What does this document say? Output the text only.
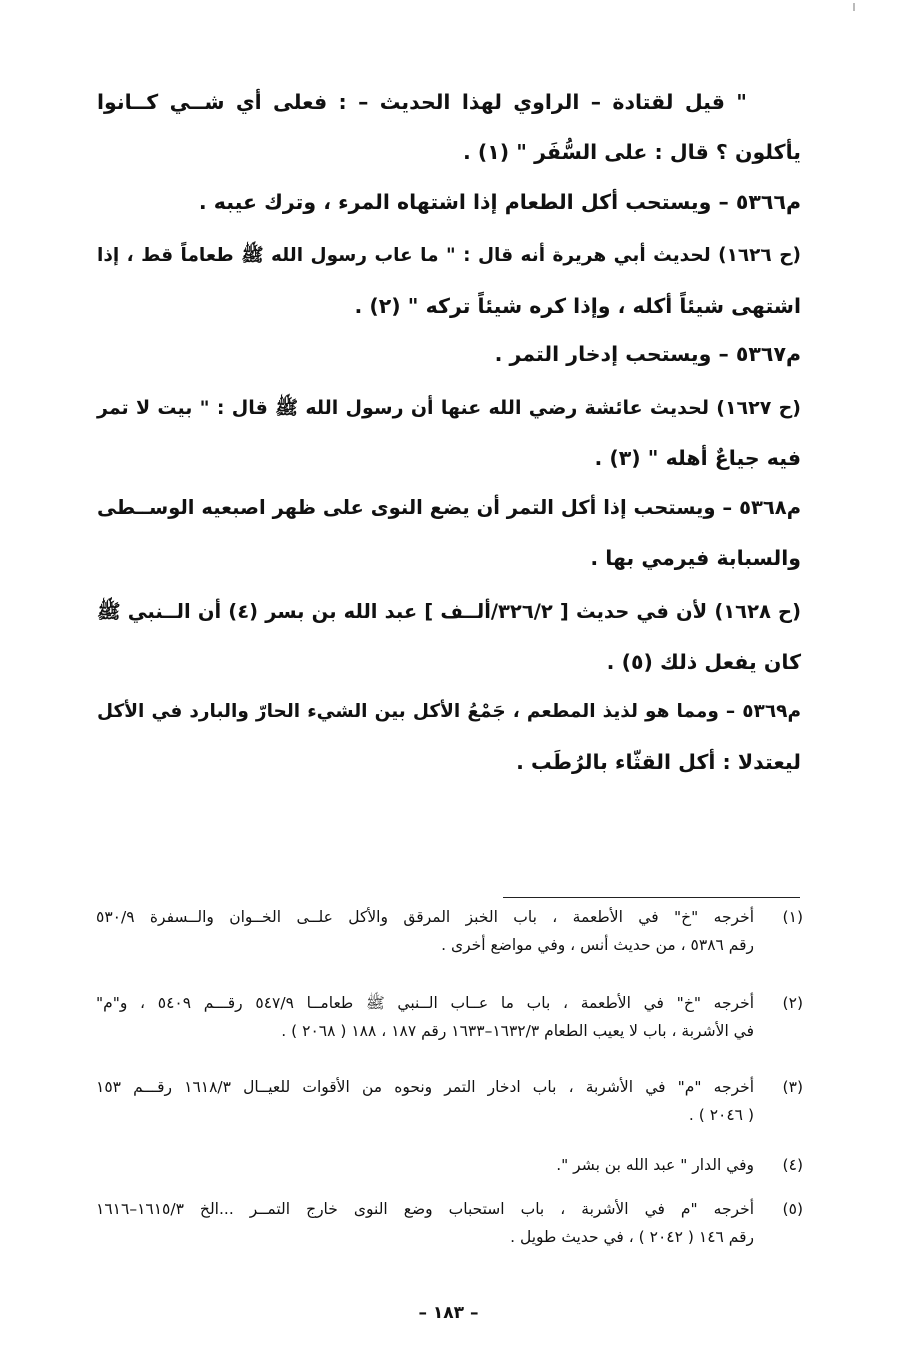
" قيل لقتادة – الراوي لهذا الحديث – : فعلى أي شــي كــانوا
يأكلون ؟ قال : على السُّفَر " (١) .
م٥٣٦٦ – ويستحب أكل الطعام إذا اشتهاه المرء ، وترك عيبه .
(ح ١٦٢٦) لحديث أبي هريرة أنه قال : " ما عاب رسول الله ﷺ طعاماً قط ، إذا
اشتهى شيئاً أكله ، وإذا كره شيئاً تركه " (٢) .
م٥٣٦٧ – ويستحب إدخار التمر .
(ح ١٦٢٧) لحديث عائشة رضي الله عنها أن رسول الله ﷺ قال : " بيت لا تمر
فيه جياعٌ أهله " (٣) .
م٥٣٦٨ – ويستحب إذا أكل التمر أن يضع النوى على ظهر اصبعيه الوســطى
والسبابة فيرمي بها .
(ح ١٦٢٨) لأن في حديث [ ٣٢٦/٢/ألــف ] عبد الله بن بسر (٤) أن الــنبي ﷺ
كان يفعل ذلك (٥) .
م٥٣٦٩ – ومما هو لذيذ المطعم ، جَمْعُ الأكل بين الشيء الحارّ والبارد في الأكل
ليعتدلا : أكل القثّاء بالرُطَب .
(١)
أخرجه "خ" في الأطعمة ، باب الخبز المرقق والأكل علــى الخــوان والــسفرة ٥٣٠/٩
رقم ٥٣٨٦ ، من حديث أنس ، وفي مواضع أخرى .
(٢)
أخرجه "خ" في الأطعمة ، باب ما عــاب الــنبي ﷺ طعامــا ٥٤٧/٩ رقـــم ٥٤٠٩ ، و"م"
في الأشربة ، باب لا يعيب الطعام ١٦٣٢/٣–١٦٣٣ رقم ١٨٧ ، ١٨٨ ( ٢٠٦٨ ) .
(٣)
أخرجه "م" في الأشربة ، باب ادخار التمر ونحوه من الأقوات للعيــال ١٦١٨/٣ رقـــم ١٥٣
( ٢٠٤٦ ) .
(٤)
وفي الدار " عبد الله بن بشر ".
(٥)
أخرجه "م في الأشربة ، باب استحباب وضع النوى خارج التمــر ...الخ ١٦١٥/٣–١٦١٦
رقم ١٤٦ ( ٢٠٤٢ ) ، في حديث طويل .
– ١٨٣ –
